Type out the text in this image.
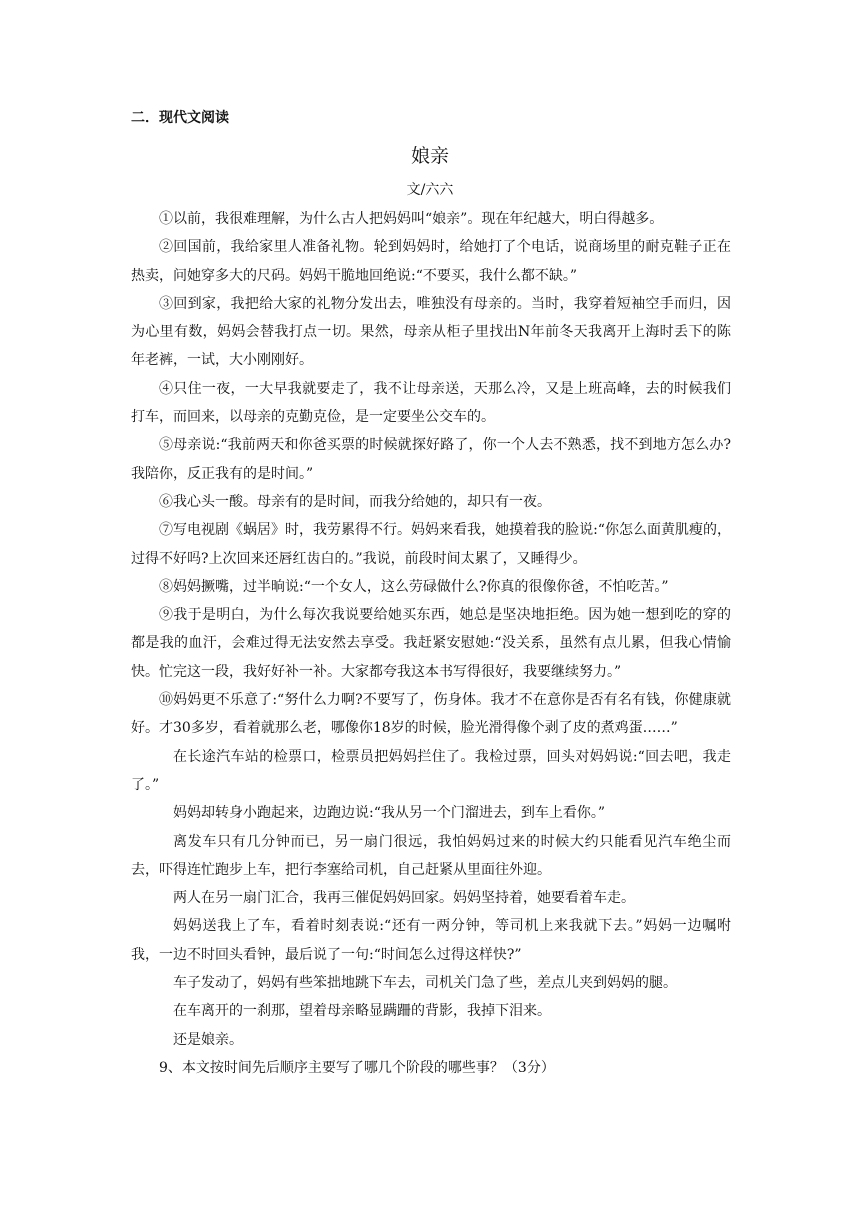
二．现代文阅读
娘亲
文/六六

①以前，我很难理解，为什么古人把妈妈叫“娘亲”。现在年纪越大，明白得越多。

②回国前，我给家里人准备礼物。轮到妈妈时，给她打了个电话，说商场里的耐克鞋子正在热卖，问她穿多大的尺码。妈妈干脆地回绝说:“不要买，我什么都不缺。”

③回到家，我把给大家的礼物分发出去，唯独没有母亲的。当时，我穿着短袖空手而归，因为心里有数，妈妈会替我打点一切。果然，母亲从柜子里找出N年前冬天我离开上海时丢下的陈年老裤，一试，大小刚刚好。

④只住一夜，一大早我就要走了，我不让母亲送，天那么冷，又是上班高峰，去的时候我们打车，而回来，以母亲的克勤克俭，是一定要坐公交车的。

⑤母亲说:“我前两天和你爸买票的时候就探好路了，你一个人去不熟悉，找不到地方怎么办?我陪你，反正我有的是时间。”

⑥我心头一酸。母亲有的是时间，而我分给她的，却只有一夜。

⑦写电视剧《蜗居》时，我劳累得不行。妈妈来看我，她摸着我的脸说:“你怎么面黄肌瘦的，过得不好吗?上次回来还唇红齿白的。”我说，前段时间太累了，又睡得少。

⑧妈妈撅嘴，过半晌说:“一个女人，这么劳碌做什么?你真的很像你爸，不怕吃苦。”

⑨我于是明白，为什么每次我说要给她买东西，她总是坚决地拒绝。因为她一想到吃的穿的都是我的血汗，会难过得无法安然去享受。我赶紧安慰她:“没关系，虽然有点儿累，但我心情愉快。忙完这一段，我好好补一补。大家都夸我这本书写得很好，我要继续努力。”

⑩妈妈更不乐意了:“努什么力啊?不要写了，伤身体。我才不在意你是否有名有钱，你健康就好。才30多岁，看着就那么老，哪像你18岁的时候，脸光滑得像个剥了皮的煮鸡蛋……”

在长途汽车站的检票口，检票员把妈妈拦住了。我检过票，回头对妈妈说:“回去吧，我走了。”

妈妈却转身小跑起来，边跑边说:“我从另一个门溜进去，到车上看你。”

离发车只有几分钟而已，另一扇门很远，我怕妈妈过来的时候大约只能看见汽车绝尘而去，吓得连忙跑步上车，把行李塞给司机，自己赶紧从里面往外迎。

两人在另一扇门汇合，我再三催促妈妈回家。妈妈坚持着，她要看着车走。

妈妈送我上了车，看着时刻表说:“还有一两分钟，等司机上来我就下去。”妈妈一边嘱咐我，一边不时回头看钟，最后说了一句:“时间怎么过得这样快?”

车子发动了，妈妈有些笨拙地跳下车去，司机关门急了些，差点儿夹到妈妈的腿。

在车离开的一刹那，望着母亲略显蹒跚的背影，我掉下泪来。

还是娘亲。

9、本文按时间先后顺序主要写了哪几个阶段的哪些事？（3分）
